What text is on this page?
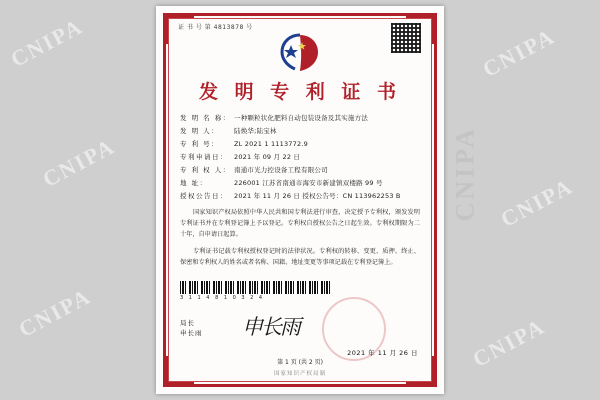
CNIPA
CNIPA
CNIPA
CNIPA
CNIPA
CNIPA
CNIPA
证 书 号 第 4813878 号
发 明 专 利 证 书
发 明 名 称： 一种颗粒状化肥料自动包装设备及其实施方法
发 明 人：	陆焕华;陆宝林
专 利 号：	ZL 2021 1 1113772.9
专利申请日： 2021 年 09 月 22 日
专 利 权 人： 南通市光力控设备工程有限公司
地 址：	226001 江苏省南通市海安市新建镇双楼路 99 号
授权公告日： 2021 年 11 月 26 日 授权公告号：CN 113962253 B
国家知识产权局依照中华人民共和国专利法进行审查，决定授予专利权，颁发发明专利证书并在专利登记簿上予以登记。专利权自授权公告之日起生效。专利权期限为二十年，自申请日起算。
专利证书记载专利权授权登记时的法律状况。专利权的转移、变更、质押、终止、保密和专利权人的姓名或者名称、国籍、地址变更等事项记载在专利登记簿上。
3 1 1 4 8 1 0 3 2 4
局长
申长雨 申长雨
2021 年 11 月 26 日
第 1 页 (共 2 页)
国家知识产权局制
